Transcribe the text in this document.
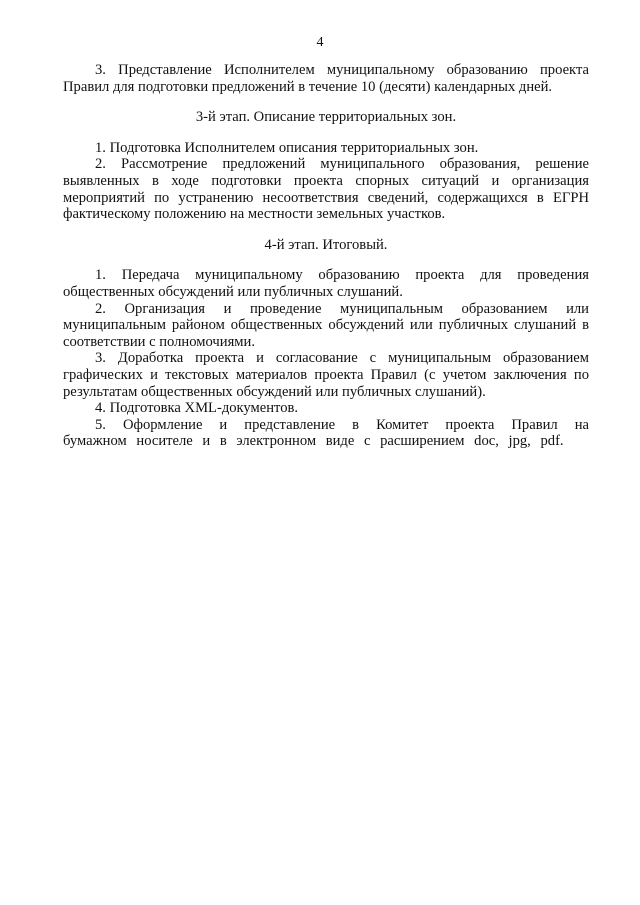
4

3. Представление Исполнителем муниципальному образованию проекта Правил для подготовки предложений в течение 10 (десяти) календарных дней.

3-й этап. Описание территориальных зон.

1. Подготовка Исполнителем описания территориальных зон.

2. Рассмотрение предложений муниципального образования, решение выявленных в ходе подготовки проекта спорных ситуаций и организация мероприятий по устранению несоответствия сведений, содержащихся в ЕГРН фактическому положению на местности земельных участков.

4-й этап. Итоговый.

1. Передача муниципальному образованию проекта для проведения общественных обсуждений или публичных слушаний.

2. Организация и проведение муниципальным образованием или муниципальным районом общественных обсуждений или публичных слушаний в соответствии с полномочиями.

3. Доработка проекта и согласование с муниципальным образованием графических и текстовых материалов проекта Правил (с учетом заключения по результатам общественных обсуждений или публичных слушаний).

4. Подготовка XML-документов.

5. Оформление и представление в Комитет проекта Правил на бумажном носителе и в электронном виде с расширением doc, jpg, pdf.
